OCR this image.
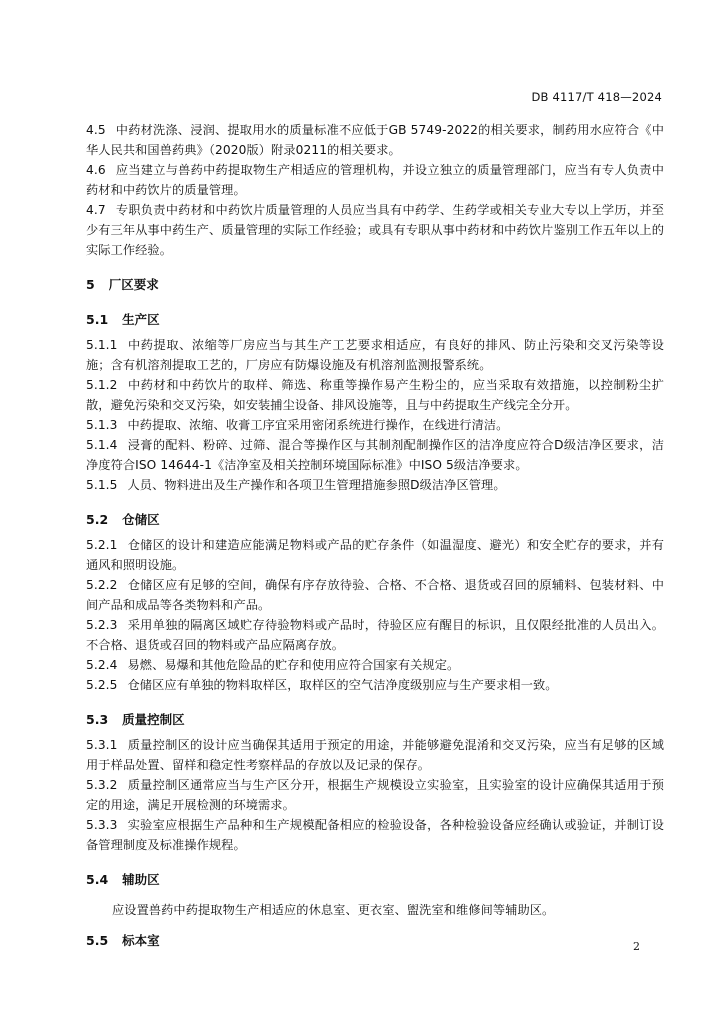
DB 4117/T 418—2024

4.5 中药材洗涤、浸润、提取用水的质量标准不应低于GB 5749-2022的相关要求，制药用水应符合《中华人民共和国兽药典》（2020版）附录0211的相关要求。

4.6 应当建立与兽药中药提取物生产相适应的管理机构，并设立独立的质量管理部门，应当有专人负责中药材和中药饮片的质量管理。

4.7 专职负责中药材和中药饮片质量管理的人员应当具有中药学、生药学或相关专业大专以上学历，并至少有三年从事中药生产、质量管理的实际工作经验；或具有专职从事中药材和中药饮片鉴别工作五年以上的实际工作经验。

5 厂区要求

5.1 生产区

5.1.1 中药提取、浓缩等厂房应当与其生产工艺要求相适应，有良好的排风、防止污染和交叉污染等设施；含有机溶剂提取工艺的，厂房应有防爆设施及有机溶剂监测报警系统。

5.1.2 中药材和中药饮片的取样、筛选、称重等操作易产生粉尘的，应当采取有效措施，以控制粉尘扩散，避免污染和交叉污染，如安装捕尘设备、排风设施等，且与中药提取生产线完全分开。

5.1.3 中药提取、浓缩、收膏工序宜采用密闭系统进行操作，在线进行清洁。

5.1.4 浸膏的配料、粉碎、过筛、混合等操作区与其制剂配制操作区的洁净度应符合D级洁净区要求，洁净度符合ISO 14644-1《洁净室及相关控制环境国际标准》中ISO 5级洁净要求。

5.1.5 人员、物料进出及生产操作和各项卫生管理措施参照D级洁净区管理。

5.2 仓储区

5.2.1 仓储区的设计和建造应能满足物料或产品的贮存条件（如温湿度、避光）和安全贮存的要求，并有通风和照明设施。

5.2.2 仓储区应有足够的空间，确保有序存放待验、合格、不合格、退货或召回的原辅料、包装材料、中间产品和成品等各类物料和产品。

5.2.3 采用单独的隔离区域贮存待验物料或产品时，待验区应有醒目的标识，且仅限经批准的人员出入。不合格、退货或召回的物料或产品应隔离存放。

5.2.4 易燃、易爆和其他危险品的贮存和使用应符合国家有关规定。

5.2.5 仓储区应有单独的物料取样区，取样区的空气洁净度级别应与生产要求相一致。

5.3 质量控制区

5.3.1 质量控制区的设计应当确保其适用于预定的用途，并能够避免混淆和交叉污染，应当有足够的区域用于样品处置、留样和稳定性考察样品的存放以及记录的保存。

5.3.2 质量控制区通常应当与生产区分开，根据生产规模设立实验室，且实验室的设计应确保其适用于预定的用途，满足开展检测的环境需求。

5.3.3 实验室应根据生产品种和生产规模配备相应的检验设备，各种检验设备应经确认或验证，并制订设备管理制度及标准操作规程。

5.4 辅助区

应设置兽药中药提取物生产相适应的休息室、更衣室、盥洗室和维修间等辅助区。

5.5 标本室	2
